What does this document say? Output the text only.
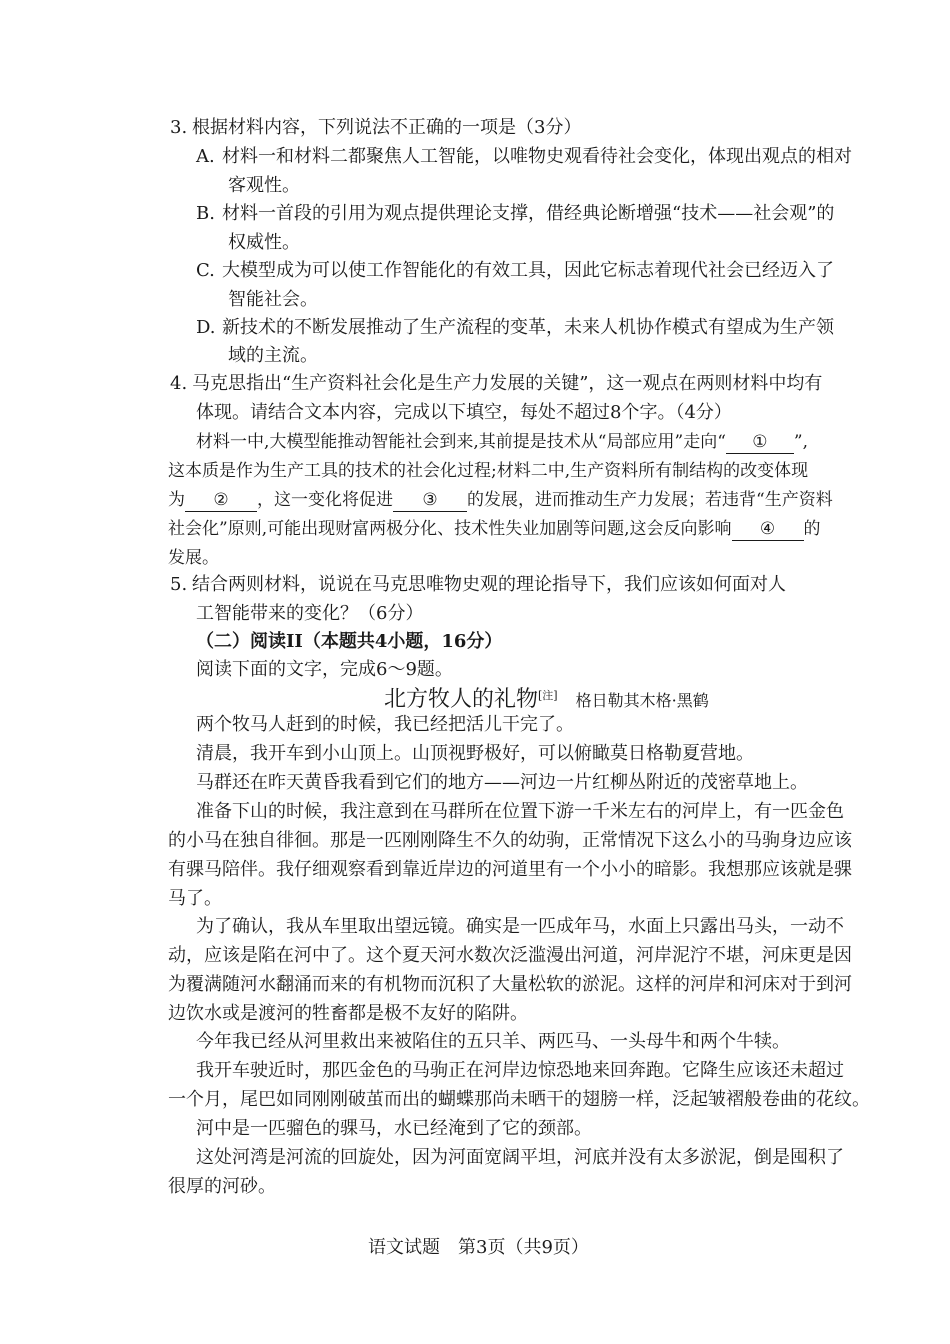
3. 根据材料内容，下列说法不正确的一项是（3分）
A. 材料一和材料二都聚焦人工智能，以唯物史观看待社会变化，体现出观点的相对
客观性。
B. 材料一首段的引用为观点提供理论支撑，借经典论断增强“技术——社会观”的
权威性。
C. 大模型成为可以使工作智能化的有效工具，因此它标志着现代社会已经迈入了
智能社会。
D. 新技术的不断发展推动了生产流程的变革，未来人机协作模式有望成为生产领
域的主流。
4. 马克思指出“生产资料社会化是生产力发展的关键”，这一观点在两则材料中均有
体现。请结合文本内容，完成以下填空，每处不超过8个字。（4分）
材料一中,大模型能推动智能社会到来,其前提是技术从“局部应用”走向“ ① ”,
这本质是作为生产工具的技术的社会化过程;材料二中,生产资料所有制结构的改变体现
为 ② ，这一变化将促进 ③ 的发展，进而推动生产力发展；若违背“生产资料
社会化”原则,可能出现财富两极分化、技术性失业加剧等问题,这会反向影响 ④ 的
发展。
5. 结合两则材料，说说在马克思唯物史观的理论指导下，我们应该如何面对人
工智能带来的变化？（6分）
（二）阅读II（本题共4小题，16分）
阅读下面的文字，完成6～9题。
北方牧人的礼物[注] 格日勒其木格·黑鹤
两个牧马人赶到的时候，我已经把活儿干完了。
清晨，我开车到小山顶上。山顶视野极好，可以俯瞰莫日格勒夏营地。
马群还在昨天黄昏我看到它们的地方——河边一片红柳丛附近的茂密草地上。
准备下山的时候，我注意到在马群所在位置下游一千米左右的河岸上，有一匹金色
的小马在独自徘徊。那是一匹刚刚降生不久的幼驹，正常情况下这么小的马驹身边应该
有骒马陪伴。我仔细观察看到靠近岸边的河道里有一个小小的暗影。我想那应该就是骒
马了。
为了确认，我从车里取出望远镜。确实是一匹成年马，水面上只露出马头，一动不
动，应该是陷在河中了。这个夏天河水数次泛滥漫出河道，河岸泥泞不堪，河床更是因
为覆满随河水翻涌而来的有机物而沉积了大量松软的淤泥。这样的河岸和河床对于到河
边饮水或是渡河的牲畜都是极不友好的陷阱。
今年我已经从河里救出来被陷住的五只羊、两匹马、一头母牛和两个牛犊。
我开车驶近时，那匹金色的马驹正在河岸边惊恐地来回奔跑。它降生应该还未超过
一个月，尾巴如同刚刚破茧而出的蝴蝶那尚未晒干的翅膀一样，泛起皱褶般卷曲的花纹。
河中是一匹骝色的骒马，水已经淹到了它的颈部。
这处河湾是河流的回旋处，因为河面宽阔平坦，河底并没有太多淤泥，倒是囤积了
很厚的河砂。
语文试题　第3页（共9页）
